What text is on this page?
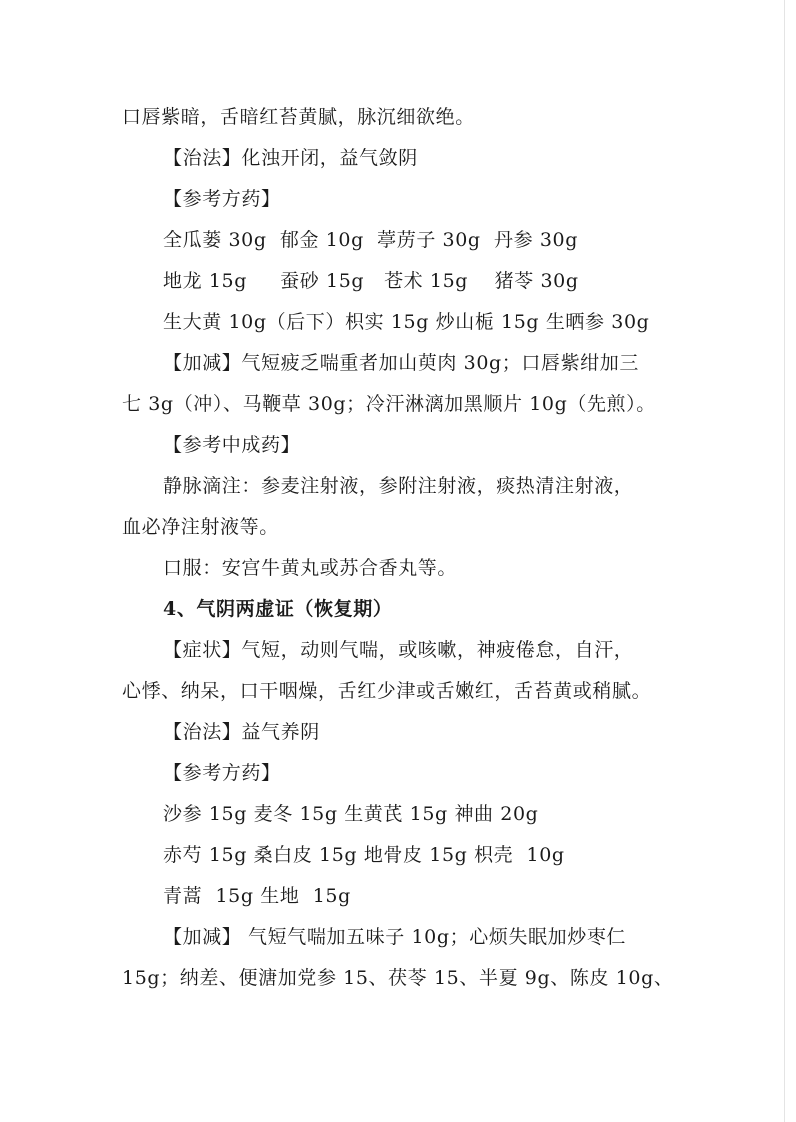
口唇紫暗，舌暗红苔黄腻，脉沉细欲绝。
【治法】化浊开闭，益气敛阴
【参考方药】
全瓜蒌 30g  郁金 10g  葶苈子 30g  丹参 30g
地龙 15g     蚕砂 15g   苍术 15g    猪苓 30g
生大黄 10g（后下）枳实 15g 炒山栀 15g 生晒参 30g
【加减】气短疲乏喘重者加山萸肉 30g；口唇紫绀加三
七 3g（冲）、马鞭草 30g；冷汗淋漓加黑顺片 10g（先煎）。
【参考中成药】
静脉滴注：参麦注射液，参附注射液，痰热清注射液，
血必净注射液等。
口服：安宫牛黄丸或苏合香丸等。
4、气阴两虚证（恢复期）
【症状】气短，动则气喘，或咳嗽，神疲倦怠，自汗，
心悸、纳呆，口干咽燥，舌红少津或舌嫩红，舌苔黄或稍腻。
【治法】益气养阴
【参考方药】
沙参 15g 麦冬 15g 生黄芪 15g 神曲 20g
赤芍 15g 桑白皮 15g 地骨皮 15g 枳壳  10g
青蒿  15g 生地  15g
【加减】 气短气喘加五味子 10g；心烦失眠加炒枣仁
15g；纳差、便溏加党参 15、茯苓 15、半夏 9g、陈皮 10g、
